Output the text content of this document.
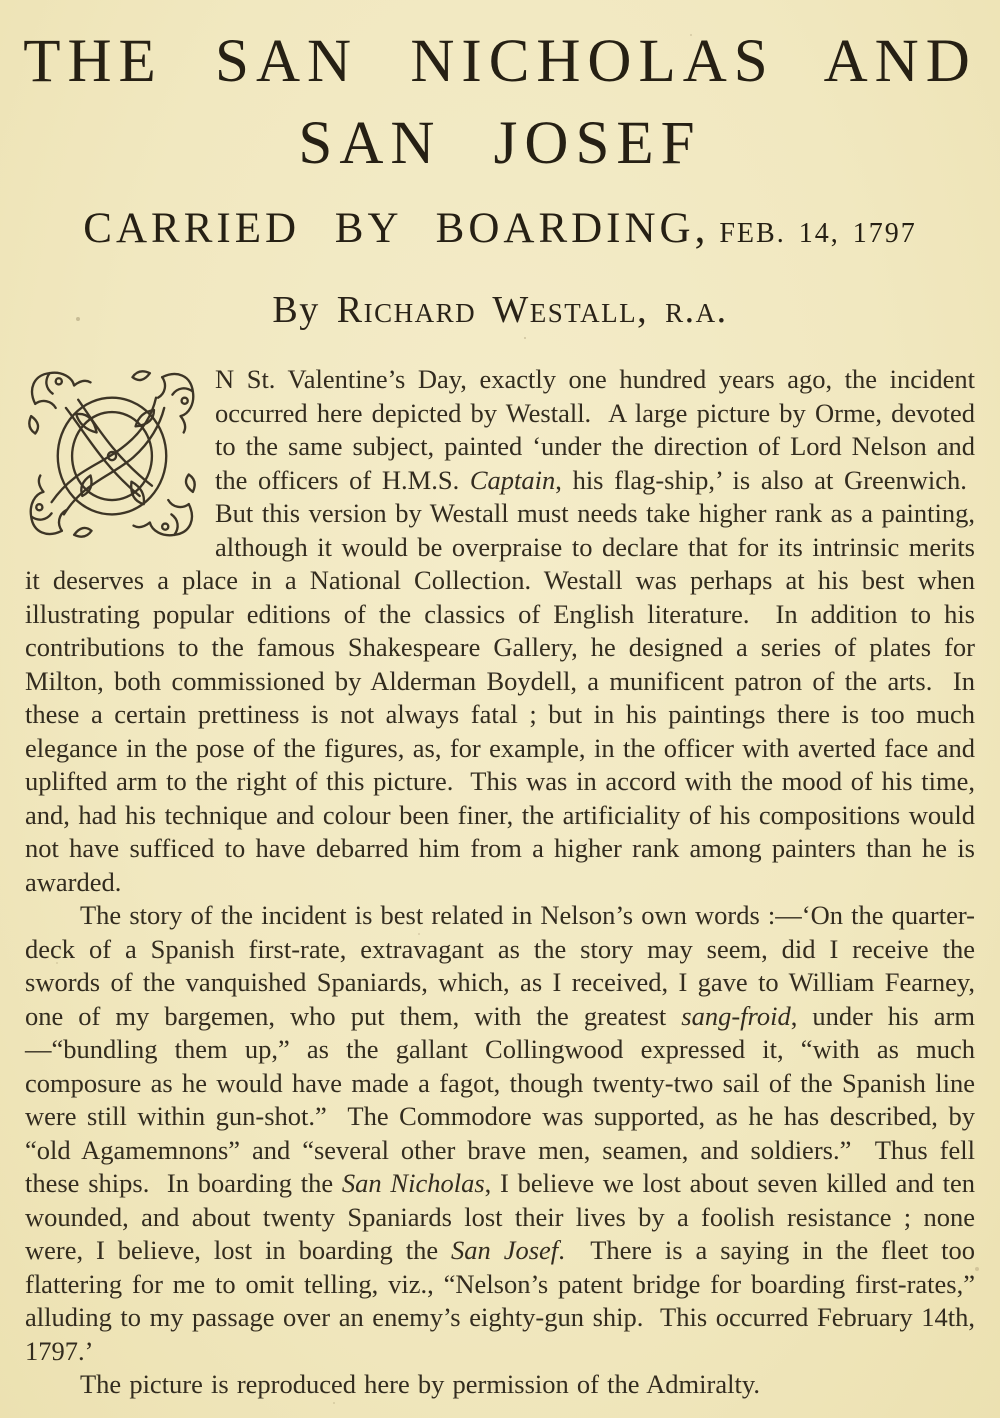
THE SAN NICHOLAS AND
SAN JOSEF
CARRIED BY BOARDING, FEB. 14, 1797
By Richard Westall, r.a.

N St. Valentine’s Day, exactly one hundred years ago, the incident occurred here depicted by Westall.  A large picture by Orme, devoted to the same subject, painted ‘under the direction of Lord Nelson and the officers of H.M.S. Captain, his flag-ship,’ is also at Greenwich.  But this version by Westall must needs take higher rank as a painting, although it would be overpraise to declare that for its intrinsic merits it deserves a place in a National Collection. Westall was perhaps at his best when illustrating popular editions of the classics of English literature.  In addition to his contributions to the famous Shakespeare Gallery, he designed a series of plates for Milton, both commissioned by Alderman Boydell, a munificent patron of the arts.  In these a certain prettiness is not always fatal ; but in his paintings there is too much elegance in the pose of the figures, as, for example, in the officer with averted face and uplifted arm to the right of this picture.  This was in accord with the mood of his time, and, had his technique and colour been finer, the artificiality of his compositions would not have sufficed to have debarred him from a higher rank among painters than he is awarded.

The story of the incident is best related in Nelson’s own words :—‘On the quarter-deck of a Spanish first-rate, extravagant as the story may seem, did I receive the swords of the vanquished Spaniards, which, as I received, I gave to William Fearney, one of my bargemen, who put them, with the greatest sang-froid, under his arm—“bundling them up,” as the gallant Collingwood expressed it, “with as much composure as he would have made a fagot, though twenty-two sail of the Spanish line were still within gun-shot.”  The Commodore was supported, as he has described, by “old Agamemnons” and “several other brave men, seamen, and soldiers.”  Thus fell these ships.  In boarding the San Nicholas, I believe we lost about seven killed and ten wounded, and about twenty Spaniards lost their lives by a foolish resistance ; none were, I believe, lost in boarding the San Josef.  There is a saying in the fleet too flattering for me to omit telling, viz., “Nelson’s patent bridge for boarding first-rates,” alluding to my passage over an enemy’s eighty-gun ship.  This occurred February 14th, 1797.’

The picture is reproduced here by permission of the Admiralty.
